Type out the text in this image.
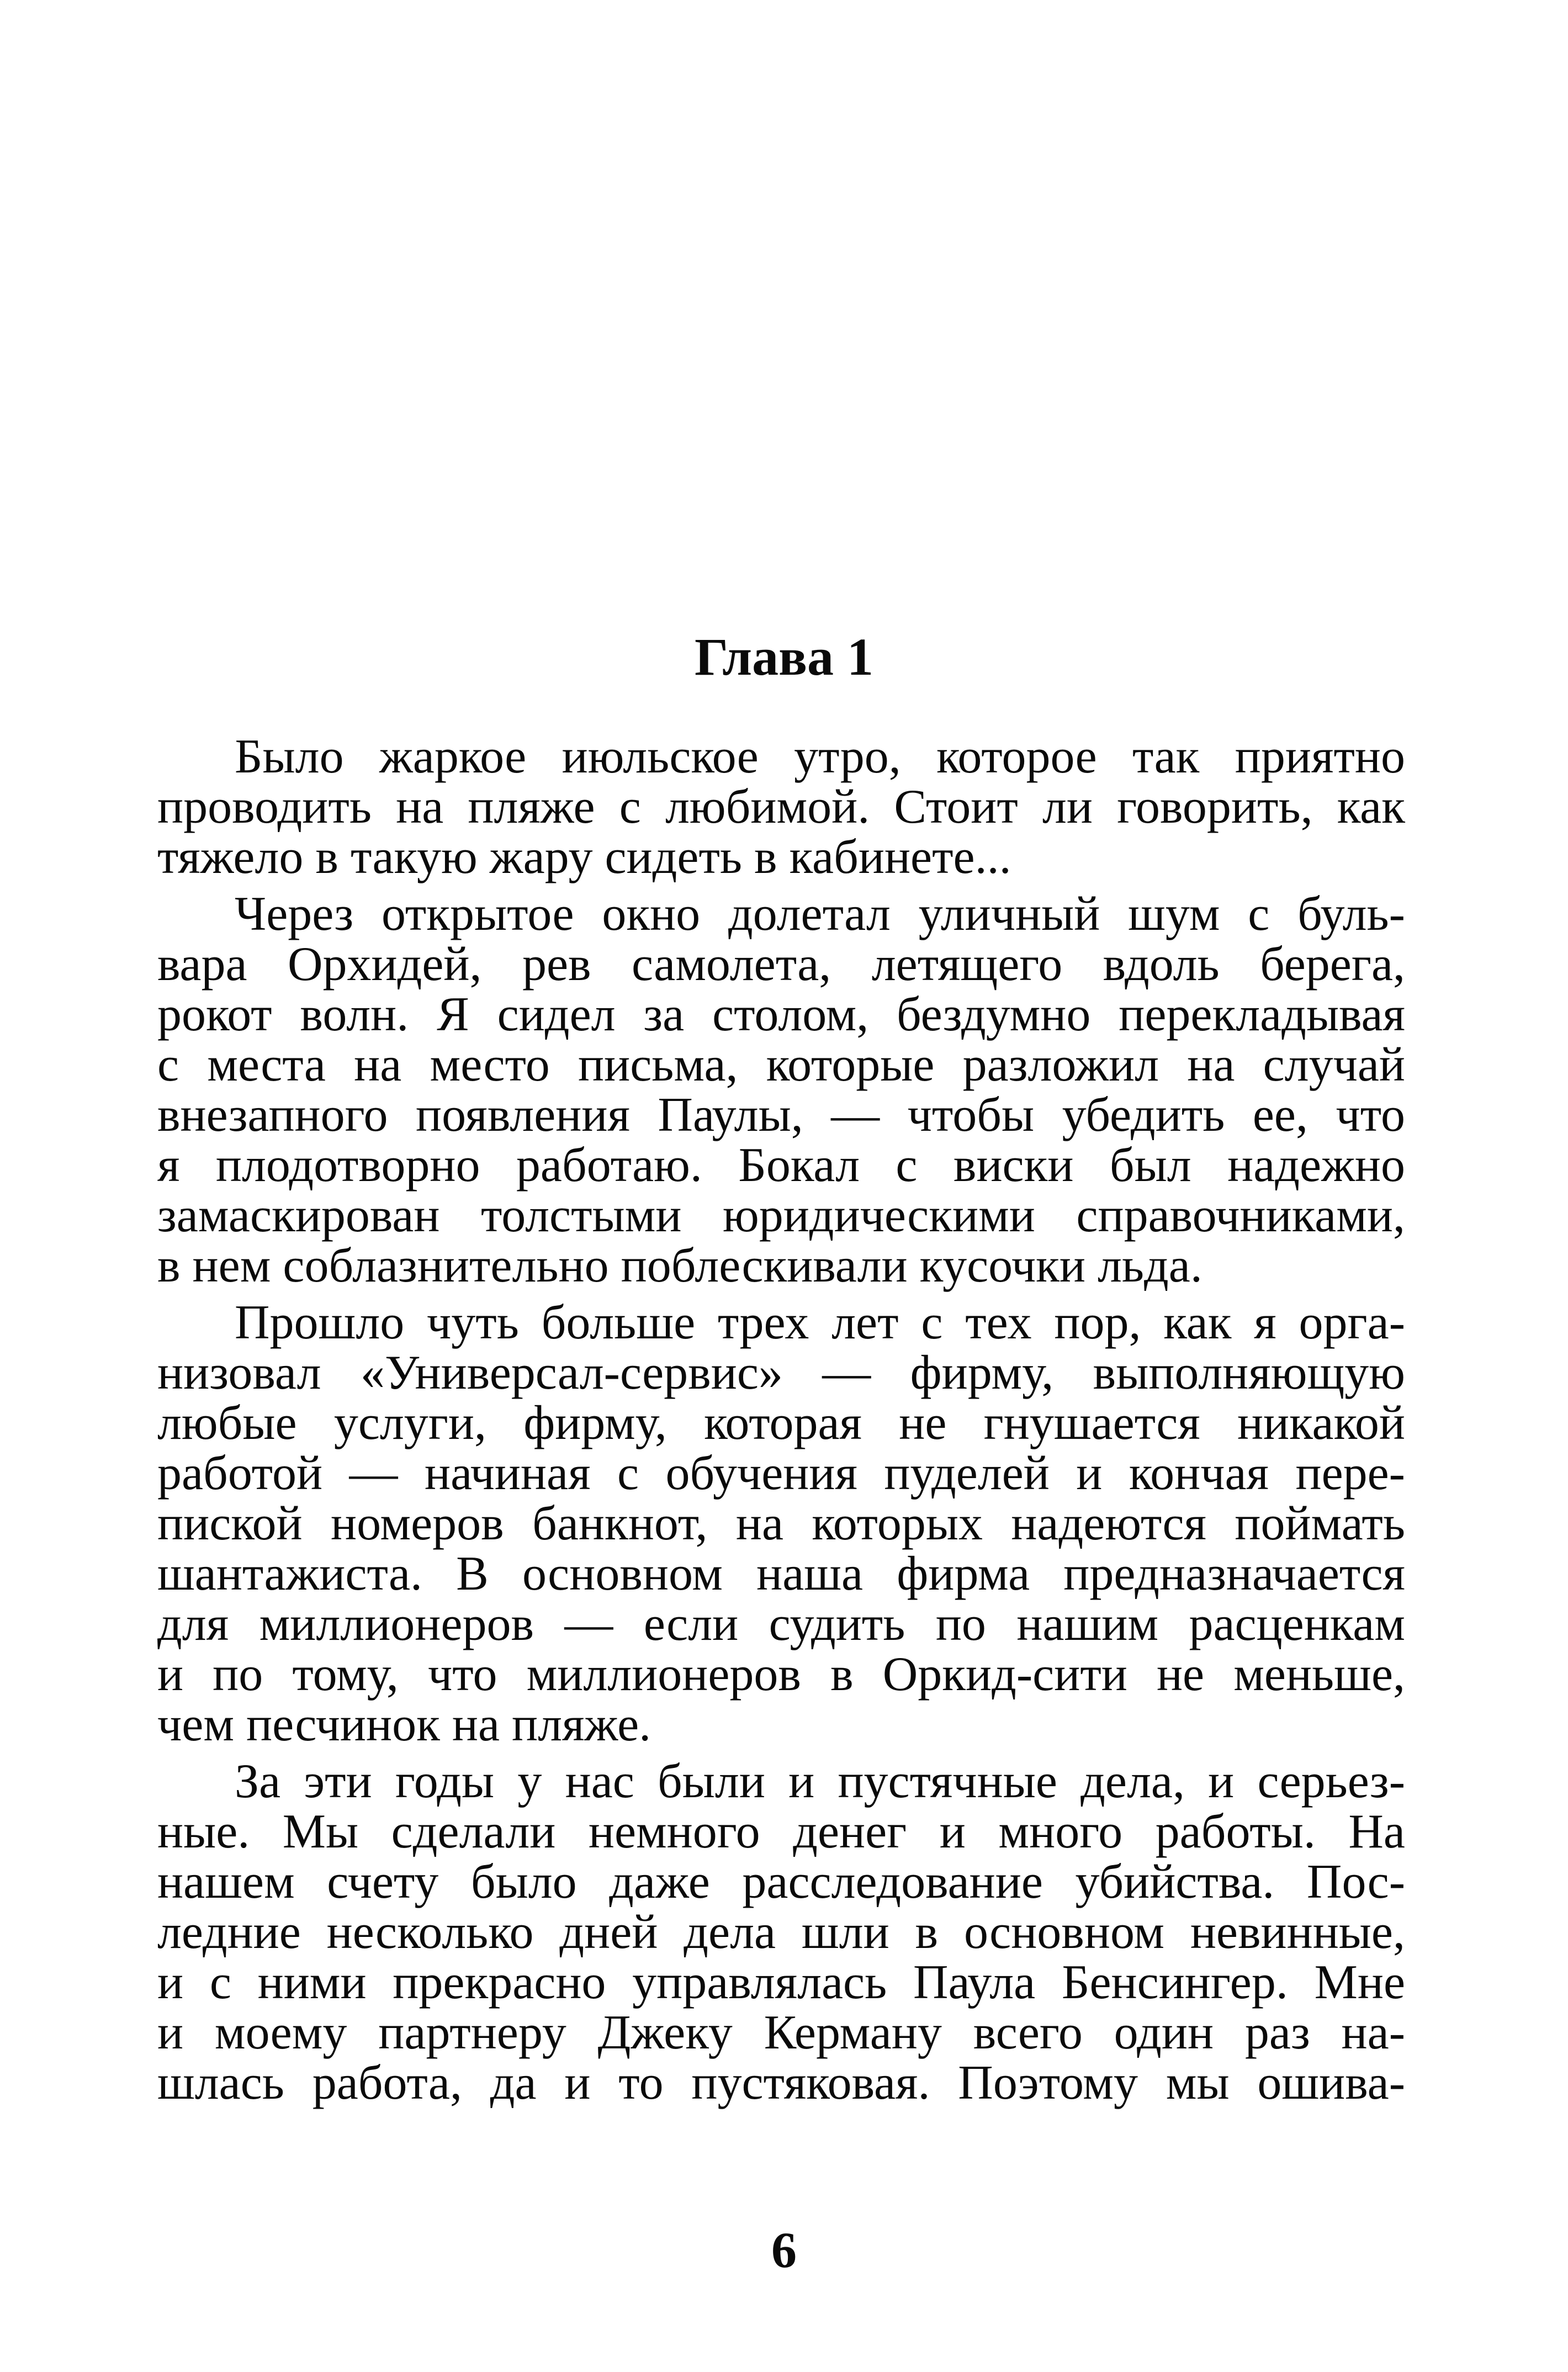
Глава 1

Было жаркое июльское утро, которое так приятно
проводить на пляже с любимой. Стоит ли говорить, как
тяжело в такую жару сидеть в кабинете...

Через открытое окно долетал уличный шум с буль-
вара Орхидей, рев самолета, летящего вдоль берега,
рокот волн. Я сидел за столом, бездумно перекладывая
с места на место письма, которые разложил на случай
внезапного появления Паулы, — чтобы убедить ее, что
я плодотворно работаю. Бокал с виски был надежно
замаскирован толстыми юридическими справочниками,
в нем соблазнительно поблескивали кусочки льда.

Прошло чуть больше трех лет с тех пор, как я орга-
низовал «Универсал-сервис» — фирму, выполняющую
любые услуги, фирму, которая не гнушается никакой
работой — начиная с обучения пуделей и кончая пере-
пиской номеров банкнот, на которых надеются поймать
шантажиста. В основном наша фирма предназначается
для миллионеров — если судить по нашим расценкам
и по тому, что миллионеров в Оркид-сити не меньше,
чем песчинок на пляже.

За эти годы у нас были и пустячные дела, и серьез-
ные. Мы сделали немного денег и много работы. На
нашем счету было даже расследование убийства. Пос-
ледние несколько дней дела шли в основном невинные,
и с ними прекрасно управлялась Паула Бенсингер. Мне
и моему партнеру Джеку Керману всего один раз на-
шлась работа, да и то пустяковая. Поэтому мы ошива-

6
